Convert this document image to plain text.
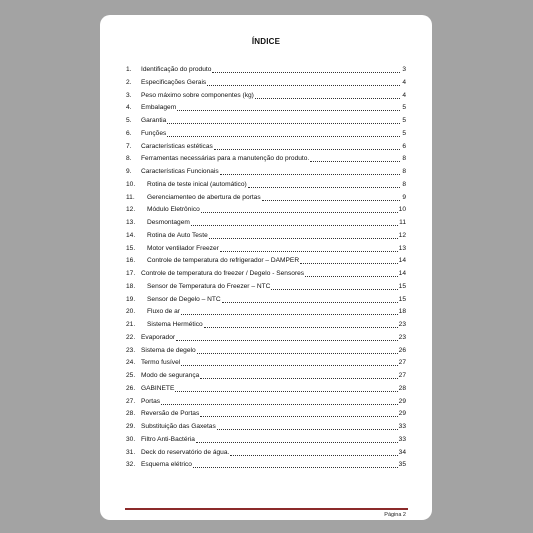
ÍNDICE
1.	Identificação do produto	3
2.	Especificações Gerais	4
3.	Peso máximo sobre componentes (kg)	4
4.	Embalagem	5
5.	Garantia	5
6.	Funções	5
7.	Características estéticas	6
8.	Ferramentas necessárias para a manutenção do produto.	8
9.	Características Funcionais	8
10.	Rotina de teste inical (automático)	8
11.	Gerenciamenteo de abertura de portas	9
12.	Módulo Eletrônico	10
13.	Desmontagem	11
14.	Rotina de Auto Teste	12
15.	Motor ventilador Freezer	13
16.	Controle de temperatura do refrigerador – DAMPER	14
17. Controle de temperatura do freezer / Degelo - Sensores	14
18.	Sensor de Temperatura do Freezer – NTC	15
19.	Sensor de Degelo – NTC	15
20.	Fluxo de ar	18
21.	Sistema Hermético	23
22. Evaporador	23
23. Sistema de degelo	26
24. Termo fusível	27
25. Modo de segurança	27
26. GABINETE	28
27. Portas	29
28. Reversão de Portas	29
29. Substituição das Gaxetas	33
30. Filtro Anti-Bactéria	33
31. Deck do reservatório de água.	34
32. Esquema elétrico	35
Página 2
